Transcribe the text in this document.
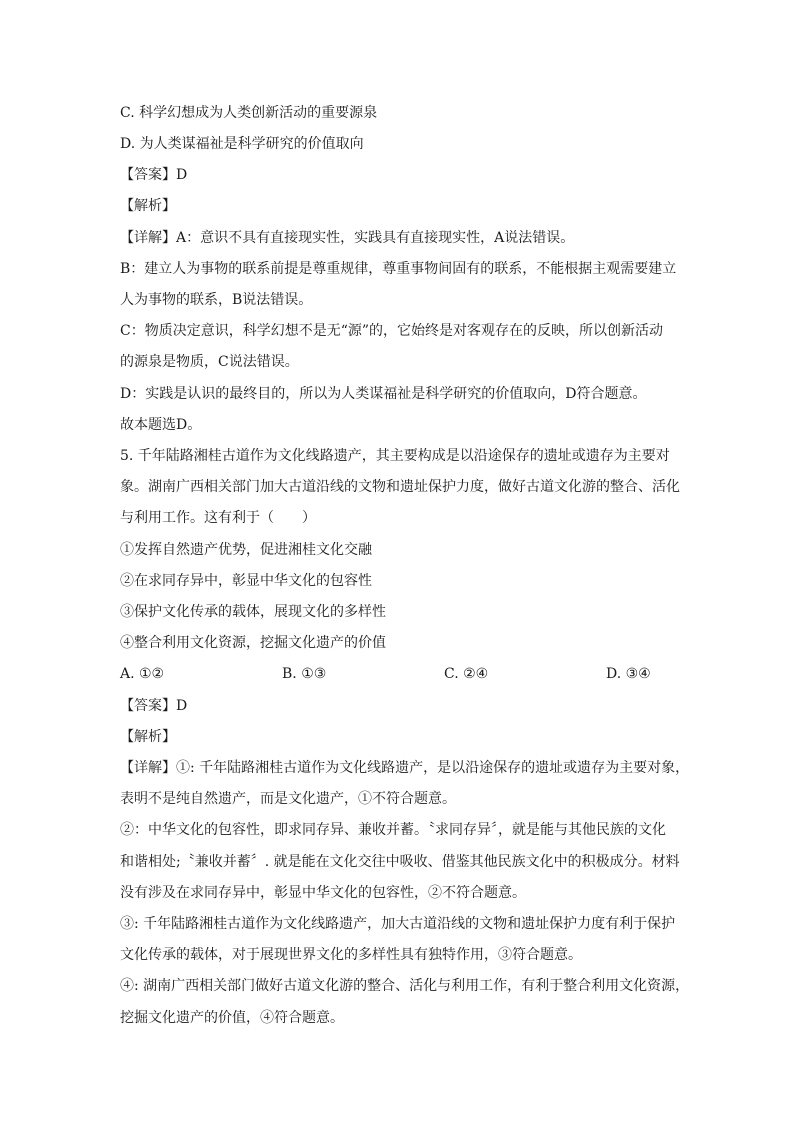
C. 科学幻想成为人类创新活动的重要源泉
D. 为人类谋福祉是科学研究的价值取向
【答案】D
【解析】
【详解】A：意识不具有直接现实性，实践具有直接现实性，A说法错误。
B：建立人为事物的联系前提是尊重规律，尊重事物间固有的联系，不能根据主观需要建立
人为事物的联系，B说法错误。
C：物质决定意识，科学幻想不是无“源”的，它始终是对客观存在的反映，所以创新活动
的源泉是物质，C说法错误。
D：实践是认识的最终目的，所以为人类谋福祉是科学研究的价值取向，D符合题意。
故本题选D。
5. 千年陆路湘桂古道作为文化线路遗产，其主要构成是以沿途保存的遗址或遗存为主要对
象。湖南广西相关部门加大古道沿线的文物和遗址保护力度，做好古道文化游的整合、活化
与利用工作。这有利于（　　）
①发挥自然遗产优势，促进湘桂文化交融
②在求同存异中，彰显中华文化的包容性
③保护文化传承的载体，展现文化的多样性
④整合利用文化资源，挖掘文化遗产的价值
A. ①②	B. ①③	C. ②④	D. ③④
【答案】D
【解析】
【详解】①: 千年陆路湘桂古道作为文化线路遗产，是以沿途保存的遗址或遗存为主要对象，
表明不是纯自然遗产，而是文化遗产，①不符合题意。
②：中华文化的包容性，即求同存异、兼收并蓄。〝求同存异〞，就是能与其他民族的文化
和谐相处;〝兼收并蓄〞. 就是能在文化交往中吸收、借鉴其他民族文化中的积极成分。材料
没有涉及在求同存异中，彰显中华文化的包容性，②不符合题意。
③: 千年陆路湘桂古道作为文化线路遗产，加大古道沿线的文物和遗址保护力度有利于保护
文化传承的载体，对于展现世界文化的多样性具有独特作用，③符合题意。
④: 湖南广西相关部门做好古道文化游的整合、活化与利用工作，有利于整合利用文化资源，
挖掘文化遗产的价值，④符合题意。
